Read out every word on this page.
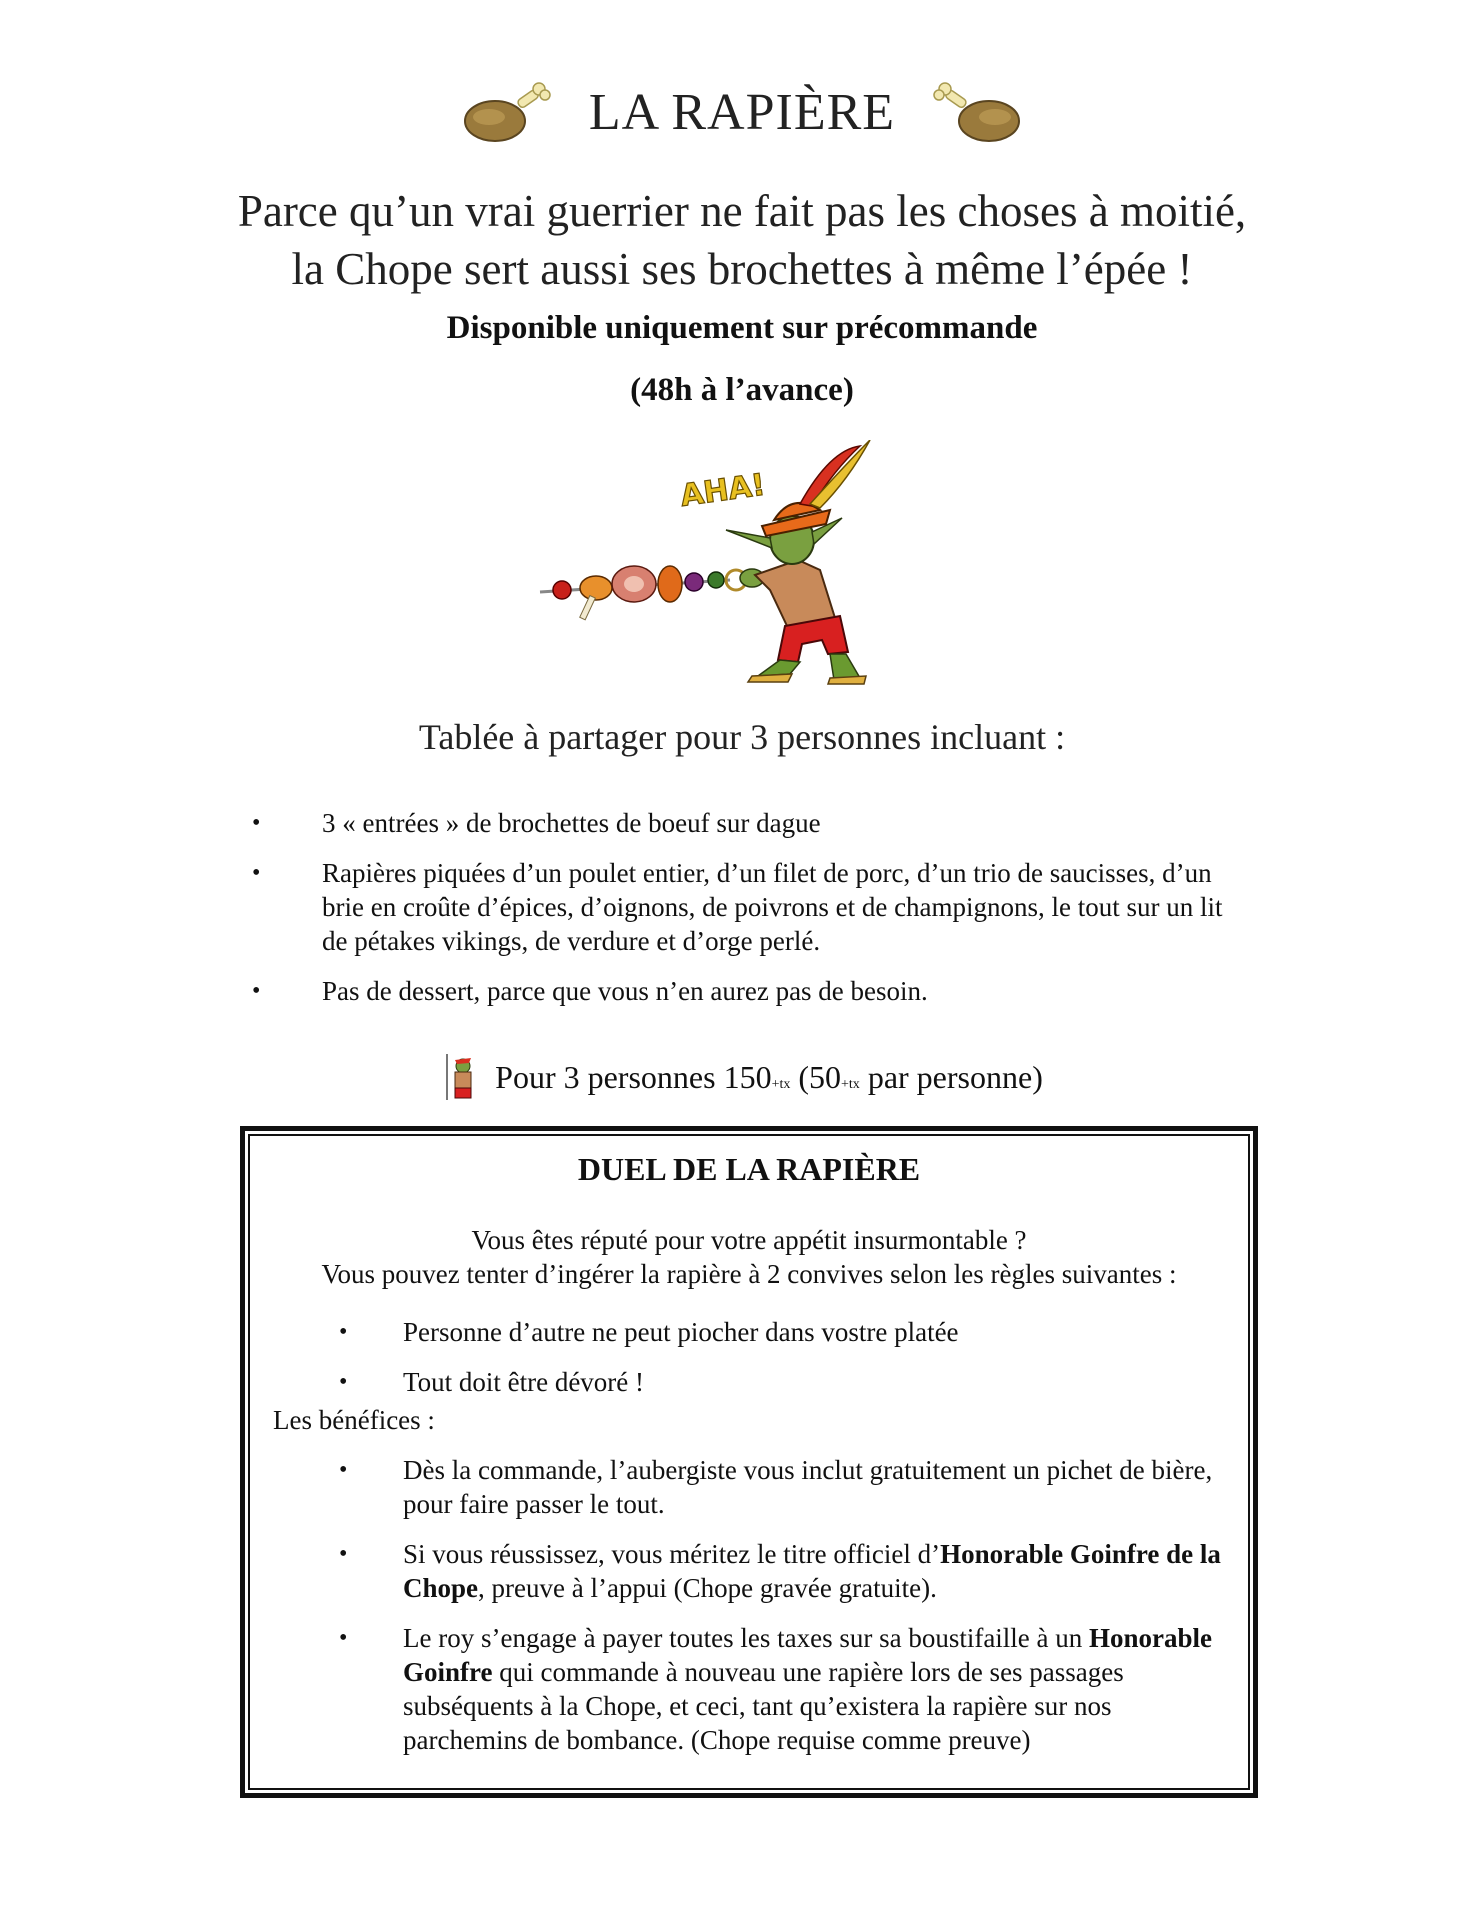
LA RAPIÈRE
Parce qu’un vrai guerrier ne fait pas les choses à moitié,
la Chope sert aussi ses brochettes à même l’épée !
Disponible uniquement sur précommande
(48h à l’avance)
AHA!
Tablée à partager pour 3 personnes incluant :
• 3 « entrées » de brochettes de boeuf sur dague
• Rapières piquées d’un poulet entier, d’un filet de porc, d’un trio de saucisses, d’un brie en croûte d’épices, d’oignons, de poivrons et de champignons, le tout sur un lit de pétakes vikings, de verdure et d’orge perlé.
• Pas de dessert, parce que vous n’en aurez pas de besoin.
Pour 3 personnes 150+tx (50+tx par personne)
DUEL DE LA RAPIÈRE
Vous êtes réputé pour votre appétit insurmontable ?
Vous pouvez tenter d’ingérer la rapière à 2 convives selon les règles suivantes :
• Personne d’autre ne peut piocher dans vostre platée
• Tout doit être dévoré !
Les bénéfices :
• Dès la commande, l’aubergiste vous inclut gratuitement un pichet de bière, pour faire passer le tout.
• Si vous réussissez, vous méritez le titre officiel d’Honorable Goinfre de la Chope, preuve à l’appui (Chope gravée gratuite).
• Le roy s’engage à payer toutes les taxes sur sa boustifaille à un Honorable Goinfre qui commande à nouveau une rapière lors de ses passages subséquents à la Chope, et ceci, tant qu’existera la rapière sur nos parchemins de bombance. (Chope requise comme preuve)
